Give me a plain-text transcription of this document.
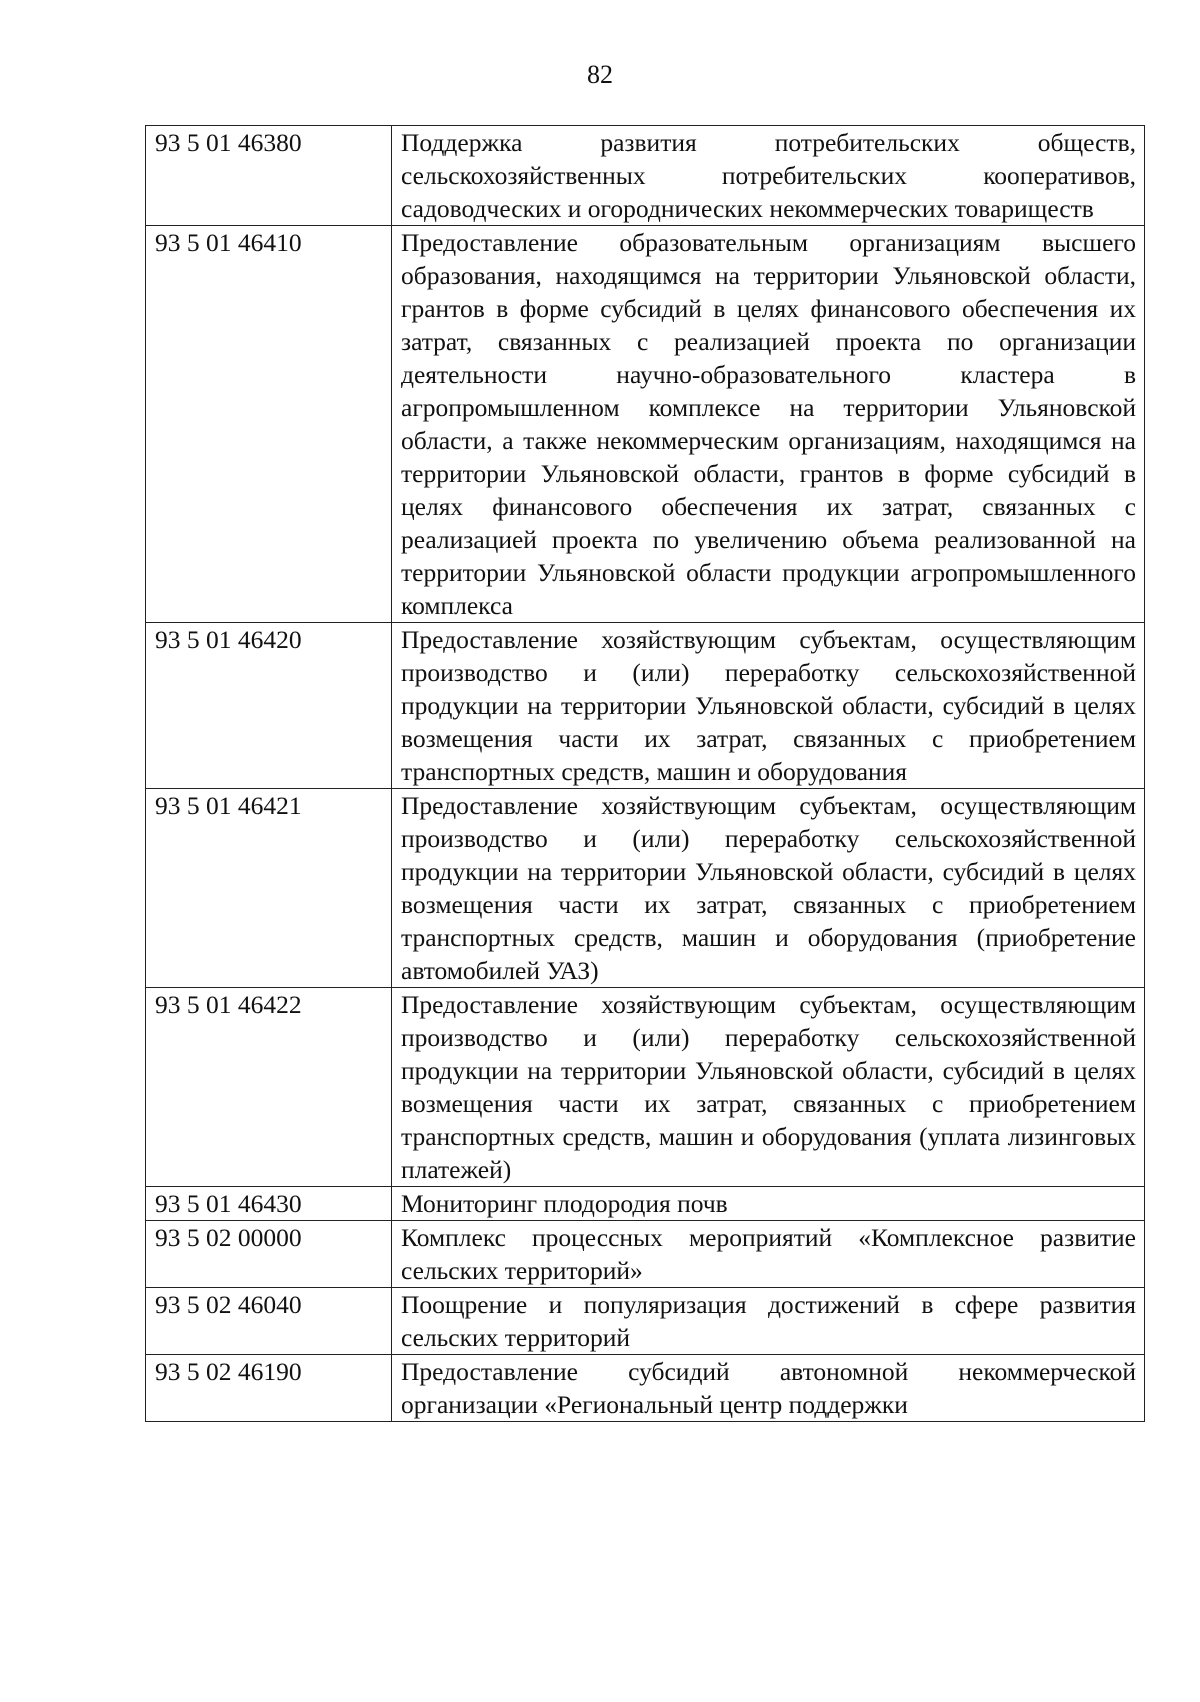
82
93 5 01 46380	Поддержка развития потребительских обществ, сельскохозяйственных потребительских кооперативов, садоводческих и огороднических некоммерческих товариществ
93 5 01 46410	Предоставление образовательным организациям высшего образования, находящимся на территории Ульяновской области, грантов в форме субсидий в целях финансового обеспечения их затрат, связанных с реализацией проекта по организации деятельности научно-образовательного кластера в агропромышленном комплексе на территории Ульяновской области, а также некоммерческим организациям, находящимся на территории Ульяновской области, грантов в форме субсидий в целях финансового обеспечения их затрат, связанных с реализацией проекта по увеличению объема реализованной на территории Ульяновской области продукции агропромышленного комплекса
93 5 01 46420	Предоставление хозяйствующим субъектам, осуществляющим производство и (или) переработку сельскохозяйственной продукции на территории Ульяновской области, субсидий в целях возмещения части их затрат, связанных с приобретением транспортных средств, машин и оборудования
93 5 01 46421	Предоставление хозяйствующим субъектам, осуществляющим производство и (или) переработку сельскохозяйственной продукции на территории Ульяновской области, субсидий в целях возмещения части их затрат, связанных с приобретением транспортных средств, машин и оборудования (приобретение автомобилей УАЗ)
93 5 01 46422	Предоставление хозяйствующим субъектам, осуществляющим производство и (или) переработку сельскохозяйственной продукции на территории Ульяновской области, субсидий в целях возмещения части их затрат, связанных с приобретением транспортных средств, машин и оборудования (уплата лизинговых платежей)
93 5 01 46430	Мониторинг плодородия почв
93 5 02 00000	Комплекс процессных мероприятий «Комплексное развитие сельских территорий»
93 5 02 46040	Поощрение и популяризация достижений в сфере развития сельских территорий
93 5 02 46190	Предоставление субсидий автономной некоммерческой организации «Региональный центр поддержки
